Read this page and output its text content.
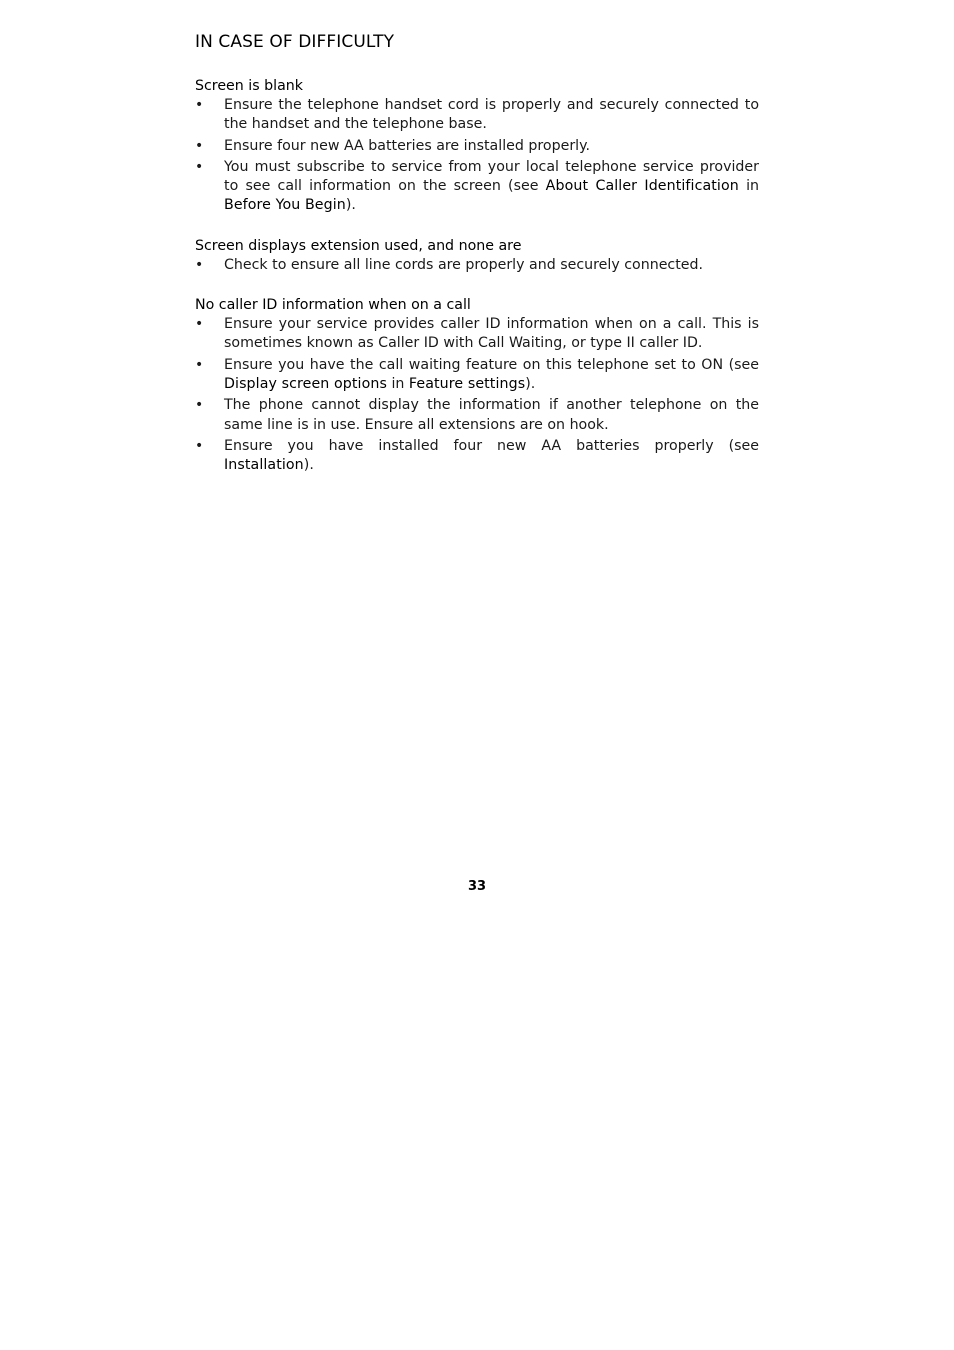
IN CASE OF DIFFICULTY
Screen is blank
• Ensure the telephone handset cord is properly and securely connected to the handset and the telephone base.
• Ensure four new AA batteries are installed properly.
• You must subscribe to service from your local telephone service provider to see call information on the screen (see About Caller Identification in Before You Begin).
Screen displays extension used, and none are
• Check to ensure all line cords are properly and securely connected.
No caller ID information when on a call
• Ensure your service provides caller ID information when on a call. This is sometimes known as Caller ID with Call Waiting, or type II caller ID.
• Ensure you have the call waiting feature on this telephone set to ON (see Display screen options in Feature settings).
• The phone cannot display the information if another telephone on the same line is in use. Ensure all extensions are on hook.
• Ensure you have installed four new AA batteries properly (see Installation).
33
